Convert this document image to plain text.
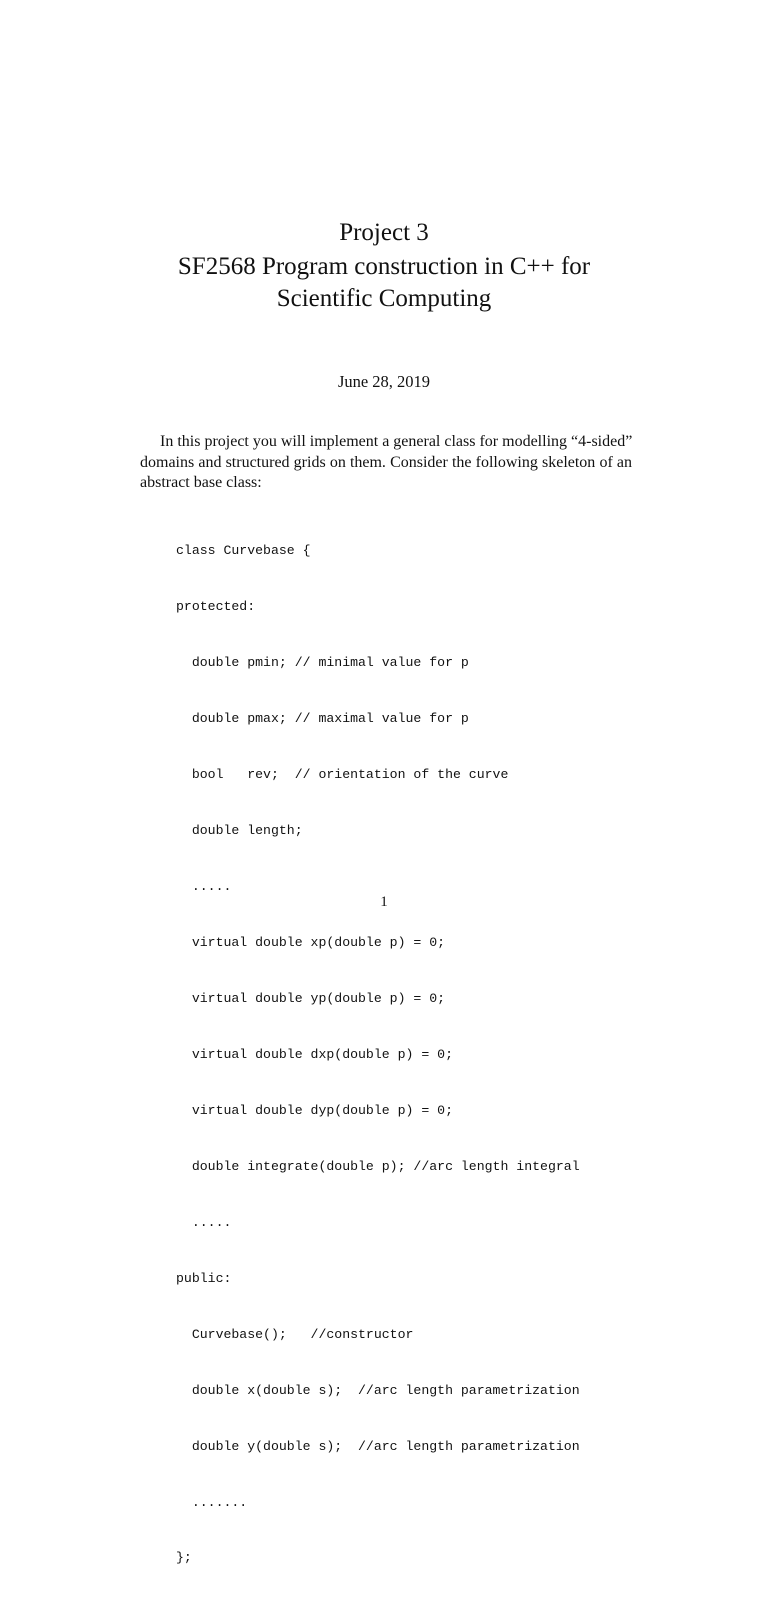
Project 3
SF2568 Program construction in C++ for
Scientific Computing
June 28, 2019
In this project you will implement a general class for modelling “4-sided”
domains and structured grids on them. Consider the following skeleton of an
abstract base class:

class Curvebase {

protected:

double pmin; // minimal value for p

double pmax; // maximal value for p

bool   rev;  // orientation of the curve

double length;

.....

virtual double xp(double p) = 0;

virtual double yp(double p) = 0;

virtual double dxp(double p) = 0;

virtual double dyp(double p) = 0;

double integrate(double p); //arc length integral

.....

public:

Curvebase();   //constructor

double x(double s);  //arc length parametrization

double y(double s);  //arc length parametrization

.......

};

1
